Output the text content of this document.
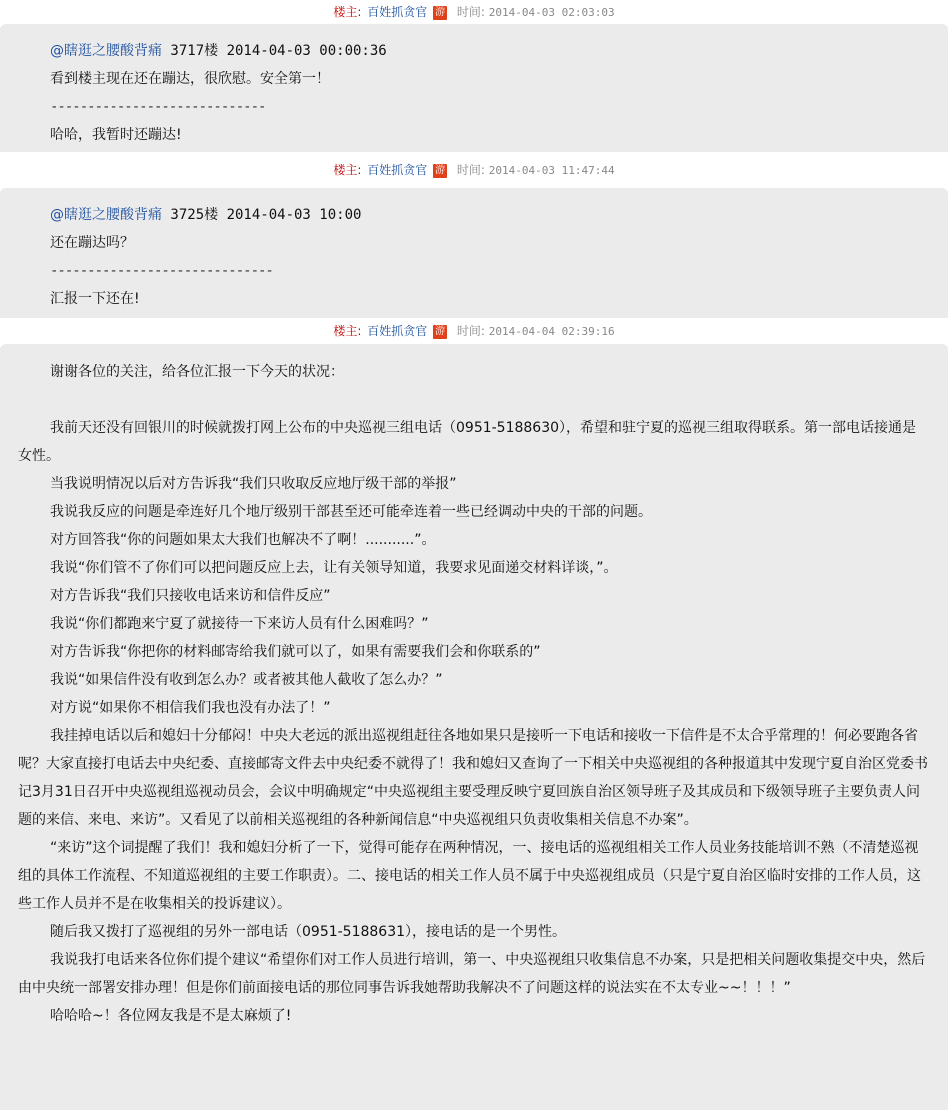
楼主: 百姓抓贪官 游 时间: 2014-04-03 02:03:03
@瞎逛之腰酸背痛 3717楼 2014-04-03 00:00:36
看到楼主现在还在蹦达，很欣慰。安全第一！
-----------------------------
哈哈，我暂时还蹦达!
楼主: 百姓抓贪官 游 时间: 2014-04-03 11:47:44
@瞎逛之腰酸背痛 3725楼 2014-04-03 10:00
还在蹦达吗？
------------------------------
汇报一下还在!
楼主: 百姓抓贪官 游 时间: 2014-04-04 02:39:16

谢谢各位的关注，给各位汇报一下今天的状况：

我前天还没有回银川的时候就拨打网上公布的中央巡视三组电话（0951-5188630），希望和驻宁夏的巡视三组取得联系。第一部电话接通是女性。

当我说明情况以后对方告诉我“我们只收取反应地厅级干部的举报”

我说我反应的问题是牵连好几个地厅级别干部甚至还可能牵连着一些已经调动中央的干部的问题。

对方回答我“你的问题如果太大我们也解决不了啊！...........”。

我说“你们管不了你们可以把问题反应上去，让有关领导知道，我要求见面递交材料详谈，”。

对方告诉我“我们只接收电话来访和信件反应”

我说“你们都跑来宁夏了就接待一下来访人员有什么困难吗？”

对方告诉我“你把你的材料邮寄给我们就可以了，如果有需要我们会和你联系的”

我说“如果信件没有收到怎么办？或者被其他人截收了怎么办？”

对方说“如果你不相信我们我也没有办法了！”

我挂掉电话以后和媳妇十分郁闷！中央大老远的派出巡视组赶往各地如果只是接听一下电话和接收一下信件是不太合乎常理的！何必要跑各省呢？大家直接打电话去中央纪委、直接邮寄文件去中央纪委不就得了！我和媳妇又查询了一下相关中央巡视组的各种报道其中发现宁夏自治区党委书记3月31日召开中央巡视组巡视动员会，会议中明确规定“中央巡视组主要受理反映宁夏回族自治区领导班子及其成员和下级领导班子主要负责人问题的来信、来电、来访”。又看见了以前相关巡视组的各种新闻信息“中央巡视组只负责收集相关信息不办案”。

“来访”这个词提醒了我们！我和媳妇分析了一下，觉得可能存在两种情况，一、接电话的巡视组相关工作人员业务技能培训不熟（不清楚巡视组的具体工作流程、不知道巡视组的主要工作职责）。二、接电话的相关工作人员不属于中央巡视组成员（只是宁夏自治区临时安排的工作人员，这些工作人员并不是在收集相关的投诉建议）。

随后我又拨打了巡视组的另外一部电话（0951-5188631），接电话的是一个男性。

我说我打电话来各位你们提个建议“希望你们对工作人员进行培训，第一、中央巡视组只收集信息不办案，只是把相关问题收集提交中央，然后由中央统一部署安排办理！但是你们前面接电话的那位同事告诉我她帮助我解决不了问题这样的说法实在不太专业~~！！！”

哈哈哈~！各位网友我是不是太麻烦了!
